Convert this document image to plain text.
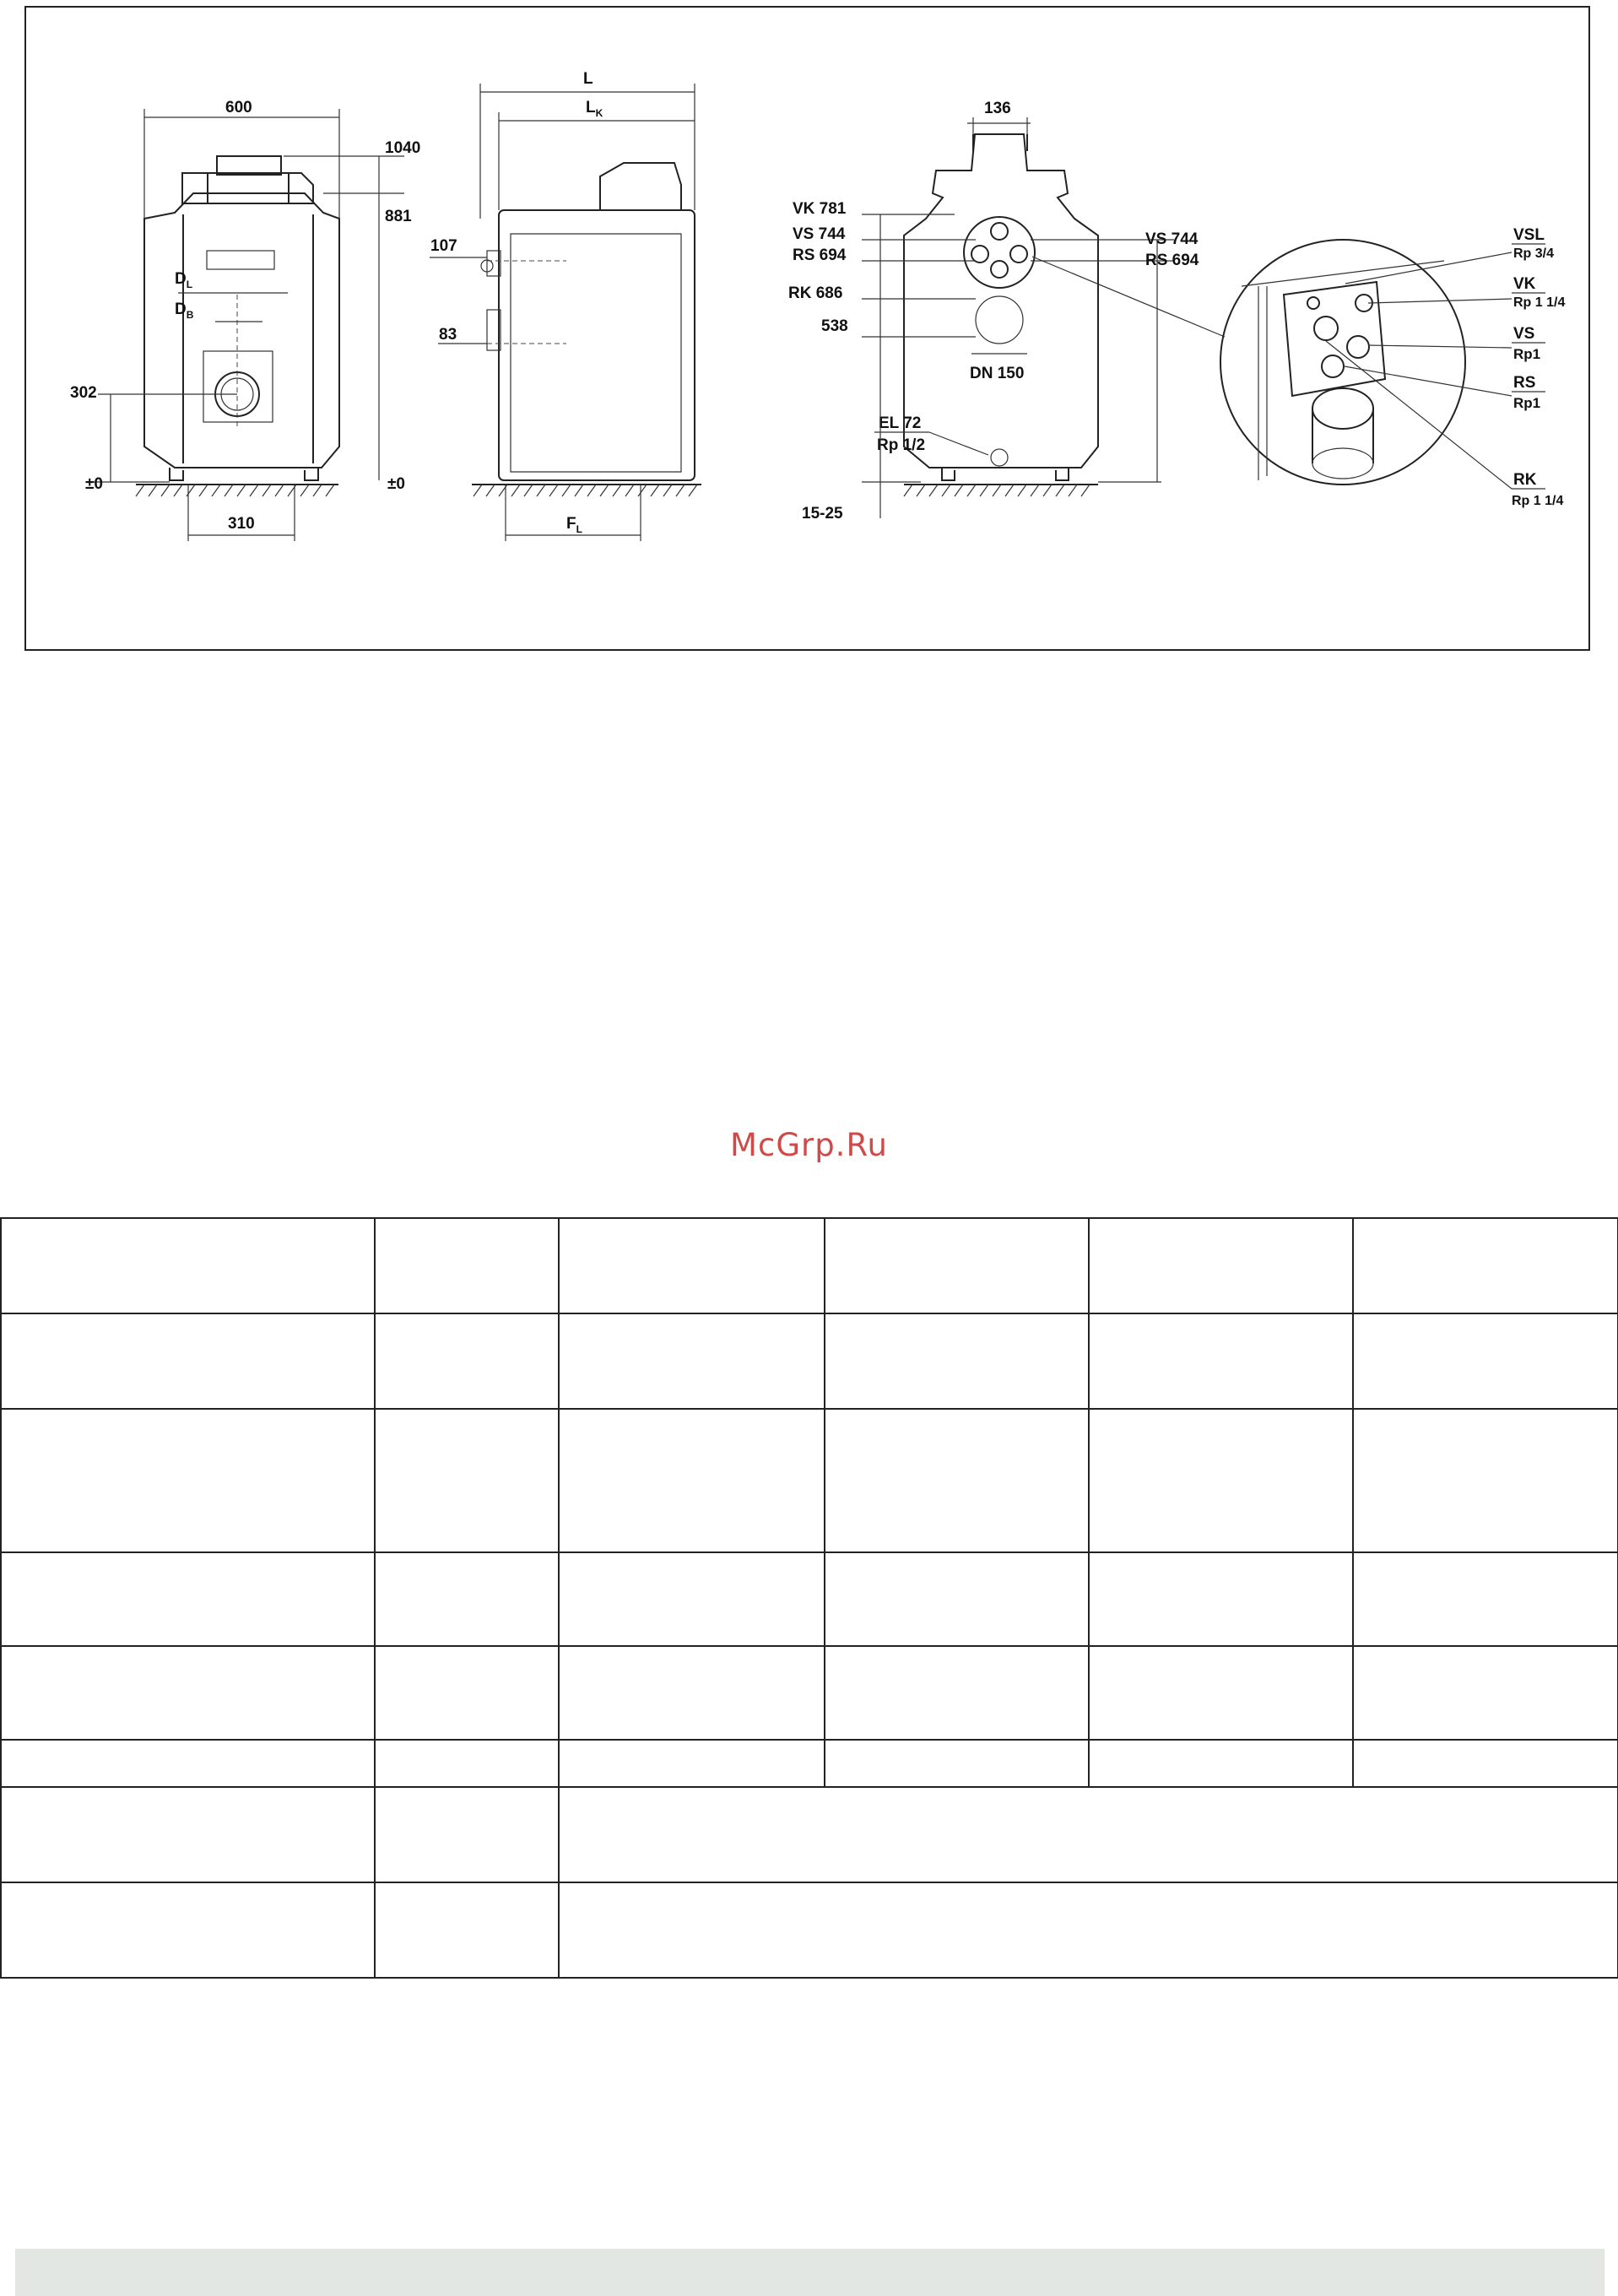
600
1040
881
$D_L$
$D_B$
302
±0	±0
310
L
$L_K$
107
83
$F_L$
DN 150
EL 72
Rp 1/2
136
VK 781
VS 744
RS 694
RK 686
538
15-25
VS 744
RS 694
VSL
Rp 3/4
VK
Rp 1 1/4
VS
Rp1
RS
Rp1
RK
Rp 1 1/4
McGrp.Ru
